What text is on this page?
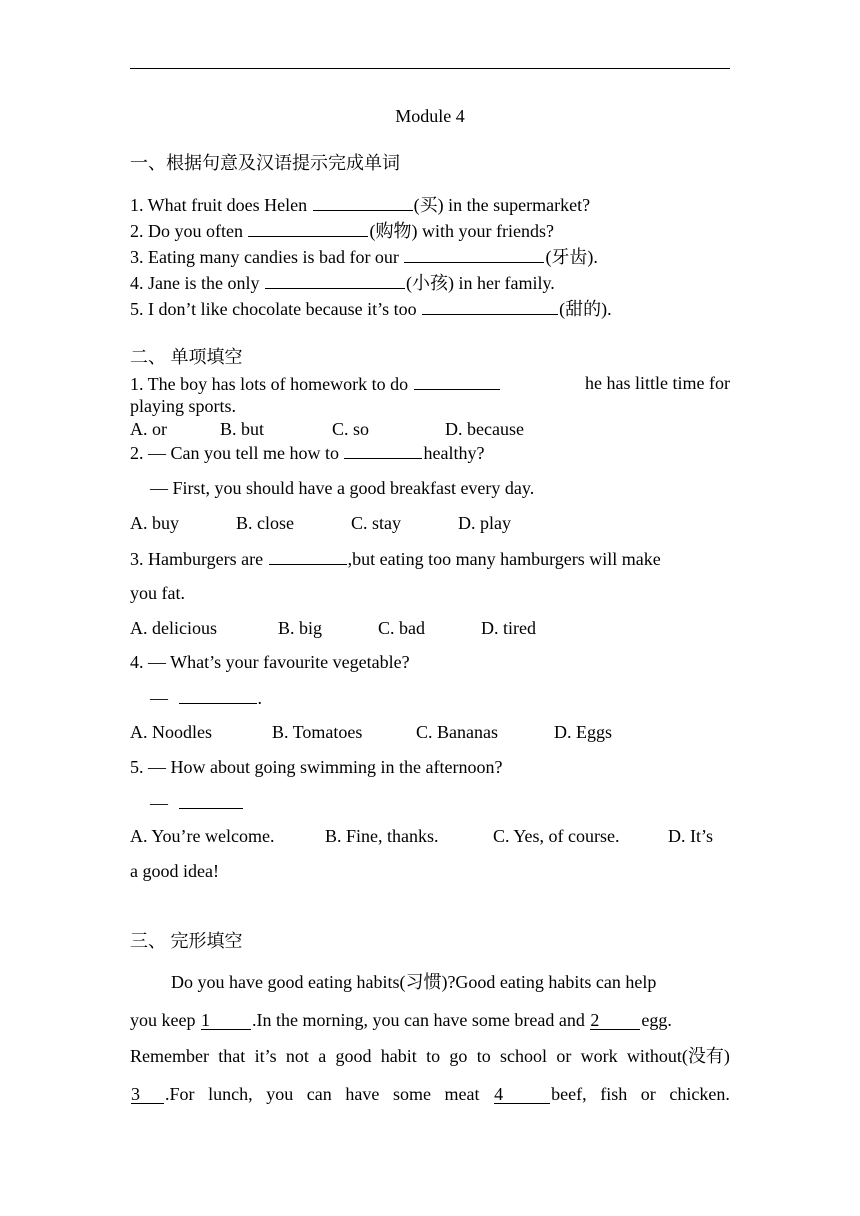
Module 4
一、根据句意及汉语提示完成单词
1. What fruit does Helen	(买) in the supermarket?
2. Do you often	(购物) with your friends?
3. Eating many candies is bad for our	(牙齿).
4. Jane is the only	(小孩) in her family.
5. I don’t like chocolate because it’s too	(甜的).
二、 单项填空
1. The boy has lots of homework to do	he has little time for
playing sports.
A. or	B. but	C. so	D. because
2. — Can you tell me how to	healthy?
— First, you should have a good breakfast every day.
A. buy	B. close	C. stay	D. play
3. Hamburgers are	,but eating too many hamburgers will make
you fat.
A. delicious	B. big	C. bad	D. tired
4. — What’s your favourite vegetable?
—	.
A. Noodles	B. Tomatoes	C. Bananas	D. Eggs
5. — How about going swimming in the afternoon?
—
A. You’re welcome.	B. Fine, thanks.	C. Yes, of course.	D. It’s
a good idea!
三、 完形填空
Do you have good eating habits(习惯)?Good eating habits can help
you keep 1 .In the morning, you can have some bread and 2 egg.
Remember that it’s not a good habit to go to school or work without(没有)
3 .For lunch, you can have some meat 4	beef, fish or chicken.
